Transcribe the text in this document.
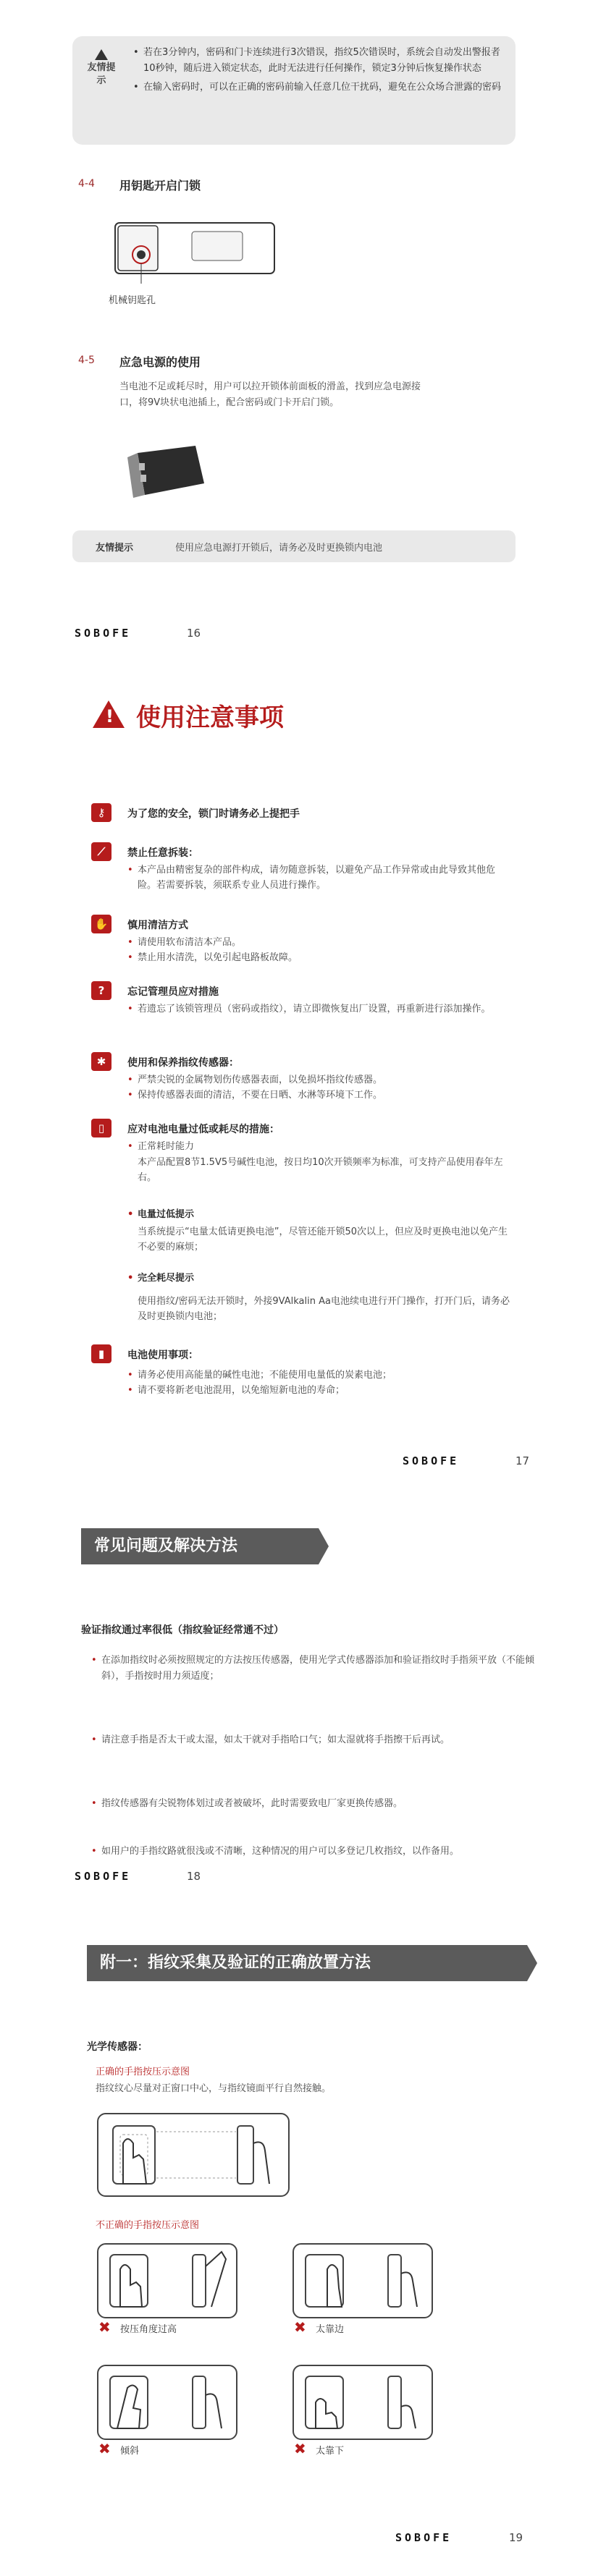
友情提示

• 若在3分钟内，密码和门卡连续进行3次错误，指纹5次错误时，系统会自动发出警报者10秒钟，随后进入锁定状态，此时无法进行任何操作，锁定3分钟后恢复操作状态

• 在输入密码时，可以在正确的密码前输入任意几位干扰码，避免在公众场合泄露的密码

4-4 用钥匙开启门锁
机械钥匙孔
4-5 应急电源的使用
当电池不足或耗尽时，用户可以拉开锁体前面板的滑盖，找到应急电源接口，将9V块状电池插上，配合密码或门卡开启门锁。
友情提示	使用应急电源打开锁后，请务必及时更换锁内电池
SOBOFE	16
! 使用注意事项
⚷	为了您的安全，锁门时请务必上提把手
⟋	禁止任意拆装：
• 本产品由精密复杂的部件构成，请勿随意拆装，以避免产品工作异常或由此导致其他危险。若需要拆装，须联系专业人员进行操作。
✋	慎用清洁方式
• 请使用软布清洁本产品。
• 禁止用水清洗，以免引起电路板故障。
?	忘记管理员应对措施
• 若遗忘了该锁管理员（密码或指纹），请立即微恢复出厂设置，再重新进行添加操作。
✱	使用和保养指纹传感器：
• 严禁尖锐的金属物划伤传感器表面，以免损坏指纹传感器。
• 保持传感器表面的清洁，不要在日晒、水淋等环境下工作。
▯	应对电池电量过低或耗尽的措施：
• 正常耗时能力
本产品配置8节1.5V5号碱性电池，按日均10次开锁频率为标准，可支持产品使用春年左右。
• 电量过低提示
当系统提示“电量太低请更换电池”，尽管还能开锁50次以上，但应及时更换电池以免产生不必要的麻烦；
• 完全耗尽提示
使用指纹/密码无法开锁时，外接9VAlkalin Aa电池续电进行开门操作，打开门后，请务必及时更换锁内电池；
▮	电池使用事项：
• 请务必使用高能量的碱性电池；不能使用电量低的炭素电池；
• 请不要将新老电池混用，以免缩短新电池的寿命；
SOBOFE	17
常见问题及解决方法
验证指纹通过率很低（指纹验证经常通不过）
• 在添加指纹时必须按照规定的方法按压传感器，使用光学式传感器添加和验证指纹时手指须平放（不能倾斜），手指按时用力须适度；
• 请注意手指是否太干或太湿，如太干就对手指哈口气；如太湿就将手指擦干后再试。
• 指纹传感器有尖锐物体划过或者被破坏，此时需要致电厂家更换传感器。
• 如用户的手指纹路就很浅或不清晰，这种情况的用户可以多登记几枚指纹，以作备用。
SOBOFE	18
附一：指纹采集及验证的正确放置方法
光学传感器：
正确的手指按压示意图
指纹纹心尽量对正窗口中心，与指纹镜面平行自然接触。
不正确的手指按压示意图
✖ 按压角度过高	✖ 太靠边
✖ 倾斜	✖ 太靠下
SOBOFE	19
